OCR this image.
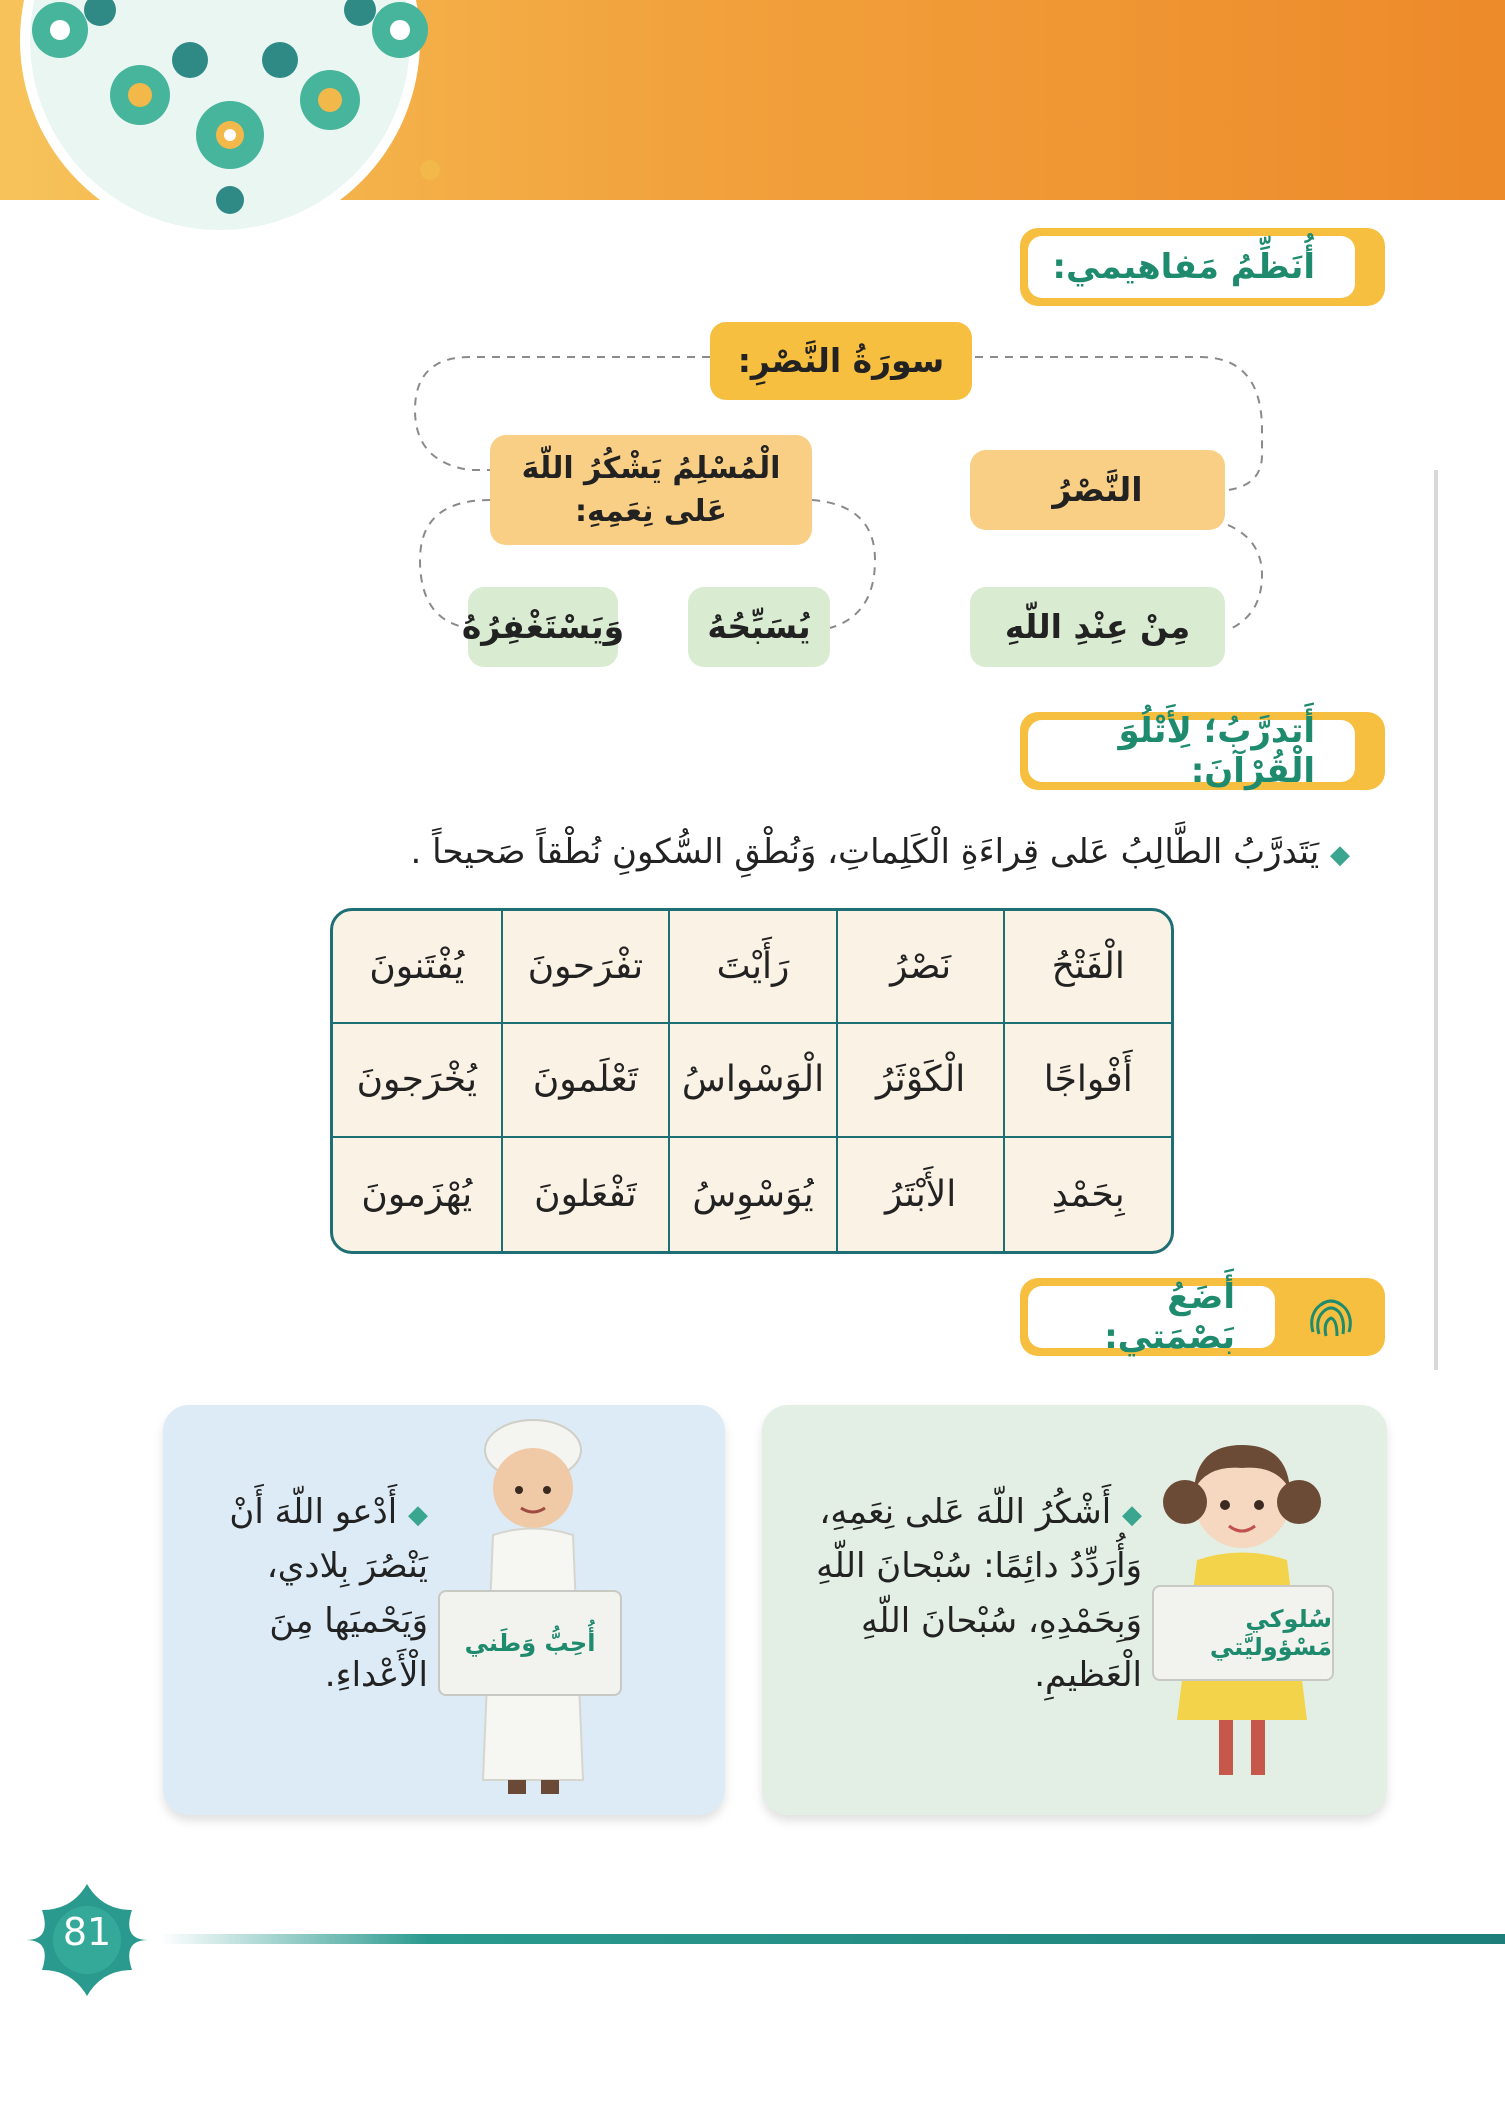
أُنَظِّمُ مَفاهيمي:
سورَةُ النَّصْرِ:
النَّصْرُ
مِنْ عِنْدِ اللّهِ
الْمُسْلِمُ يَشْكُرُ اللّهَ عَلى نِعَمِهِ:
يُسَبِّحُهُ
وَيَسْتَغْفِرُهُ
أَتدرَّبُ؛ لِأَتْلُوَ الْقُرْآنَ:
◆ يَتَدرَّبُ الطَّالِبُ عَلى قِراءَةِ الْكَلِماتِ، وَنُطْقِ السُّكونِ نُطْقاً صَحيحاً .
الْفَتْحُ
نَصْرُ
رَأَيْتَ
تفْرَحونَ
يُفْتَنونَ
أَفْواجًا
الْكَوْثَرُ
الْوَسْواسُ
تَعْلَمونَ
يُخْرَجونَ
بِحَمْدِ
الأَبْتَرُ
يُوَسْوِسُ
تَفْعَلونَ
يُهْزَمونَ
أَضَعُ بَصْمَتي:
سُلوكي مَسْؤوليَّتي
◆ أَشْكُرُ اللّهَ عَلى نِعَمِهِ، وَأُرَدِّدُ دائِمًا: سُبْحانَ اللّهِ وَبِحَمْدِهِ، سُبْحانَ اللّهِ الْعَظيمِ.
أُحِبُّ وَطَني
◆ أَدْعو اللّهَ أَنْ يَنْصُرَ بِلادي، وَيَحْميَها مِنَ الْأَعْداءِ.
81
